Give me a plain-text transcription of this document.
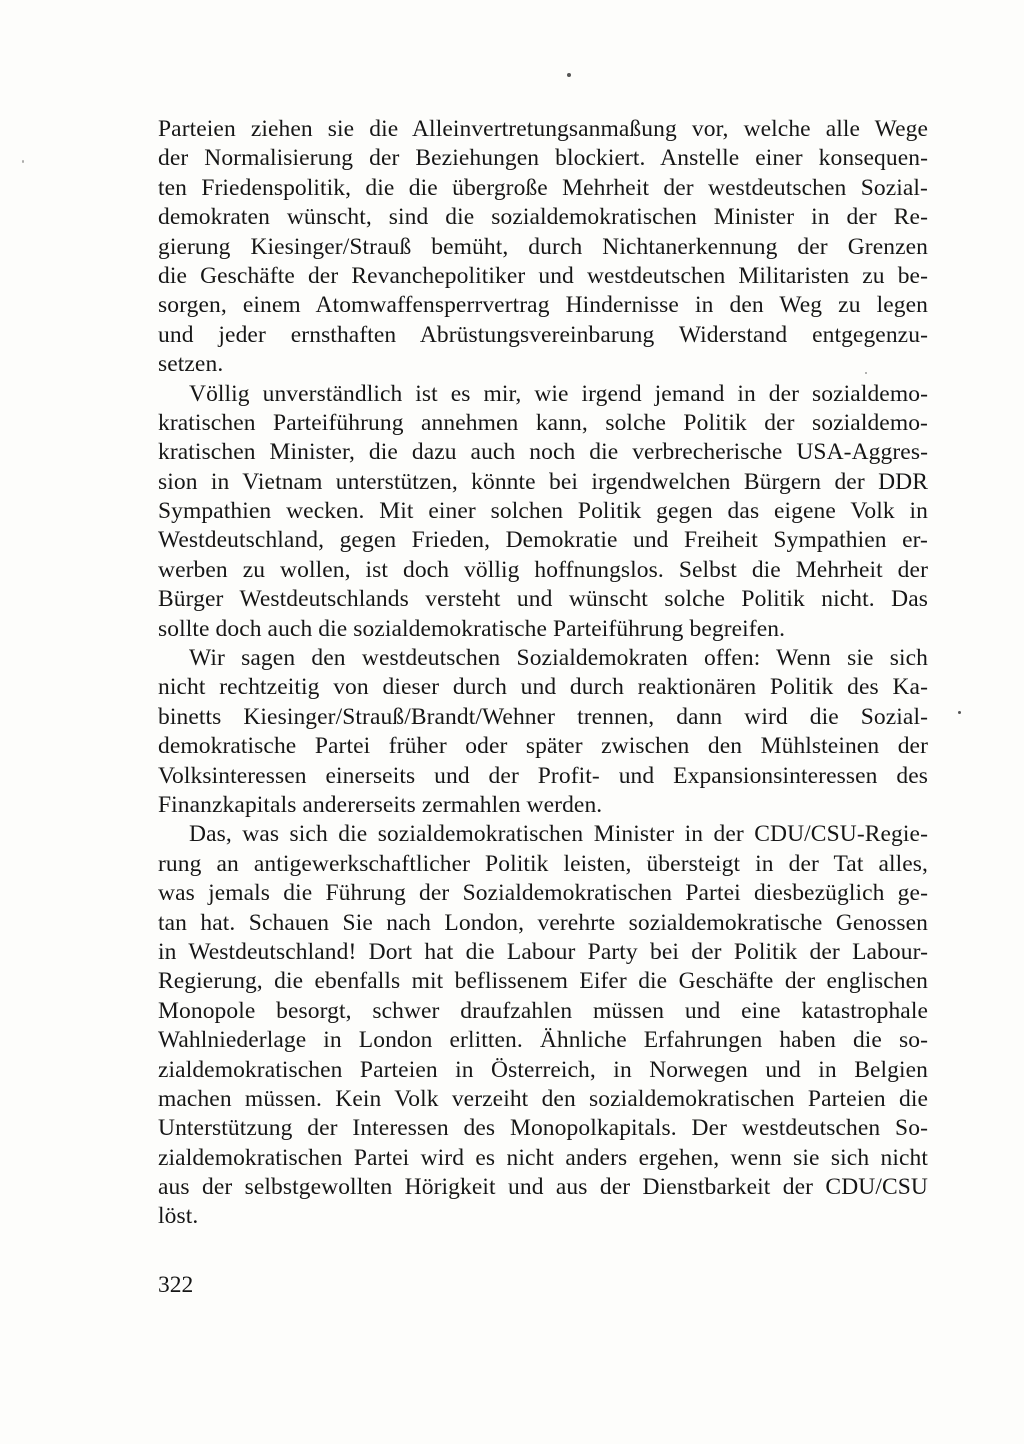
Parteien ziehen sie die Alleinvertretungsanmaßung vor, welche alle Wege
der Normalisierung der Beziehungen blockiert. Anstelle einer konsequen-
ten Friedenspolitik, die die übergroße Mehrheit der westdeutschen Sozial-
demokraten wünscht, sind die sozialdemokratischen Minister in der Re-
gierung Kiesinger/Strauß bemüht, durch Nichtanerkennung der Grenzen
die Geschäfte der Revanchepolitiker und westdeutschen Militaristen zu be-
sorgen, einem Atomwaffensperrvertrag Hindernisse in den Weg zu legen
und jeder ernsthaften Abrüstungsvereinbarung Widerstand entgegenzu-
setzen.
Völlig unverständlich ist es mir, wie irgend jemand in der sozialdemo-
kratischen Parteiführung annehmen kann, solche Politik der sozialdemo-
kratischen Minister, die dazu auch noch die verbrecherische USA-Aggres-
sion in Vietnam unterstützen, könnte bei irgendwelchen Bürgern der DDR
Sympathien wecken. Mit einer solchen Politik gegen das eigene Volk in
Westdeutschland, gegen Frieden, Demokratie und Freiheit Sympathien er-
werben zu wollen, ist doch völlig hoffnungslos. Selbst die Mehrheit der
Bürger Westdeutschlands versteht und wünscht solche Politik nicht. Das
sollte doch auch die sozialdemokratische Parteiführung begreifen.
Wir sagen den westdeutschen Sozialdemokraten offen: Wenn sie sich
nicht rechtzeitig von dieser durch und durch reaktionären Politik des Ka-
binetts Kiesinger/Strauß/Brandt/Wehner trennen, dann wird die Sozial-
demokratische Partei früher oder später zwischen den Mühlsteinen der
Volksinteressen einerseits und der Profit- und Expansionsinteressen des
Finanzkapitals andererseits zermahlen werden.
Das, was sich die sozialdemokratischen Minister in der CDU/CSU-Regie-
rung an antigewerkschaftlicher Politik leisten, übersteigt in der Tat alles,
was jemals die Führung der Sozialdemokratischen Partei diesbezüglich ge-
tan hat. Schauen Sie nach London, verehrte sozialdemokratische Genossen
in Westdeutschland! Dort hat die Labour Party bei der Politik der Labour-
Regierung, die ebenfalls mit beflissenem Eifer die Geschäfte der englischen
Monopole besorgt, schwer draufzahlen müssen und eine katastrophale
Wahlniederlage in London erlitten. Ähnliche Erfahrungen haben die so-
zialdemokratischen Parteien in Österreich, in Norwegen und in Belgien
machen müssen. Kein Volk verzeiht den sozialdemokratischen Parteien die
Unterstützung der Interessen des Monopolkapitals. Der westdeutschen So-
zialdemokratischen Partei wird es nicht anders ergehen, wenn sie sich nicht
aus der selbstgewollten Hörigkeit und aus der Dienstbarkeit der CDU/CSU
löst.
322
